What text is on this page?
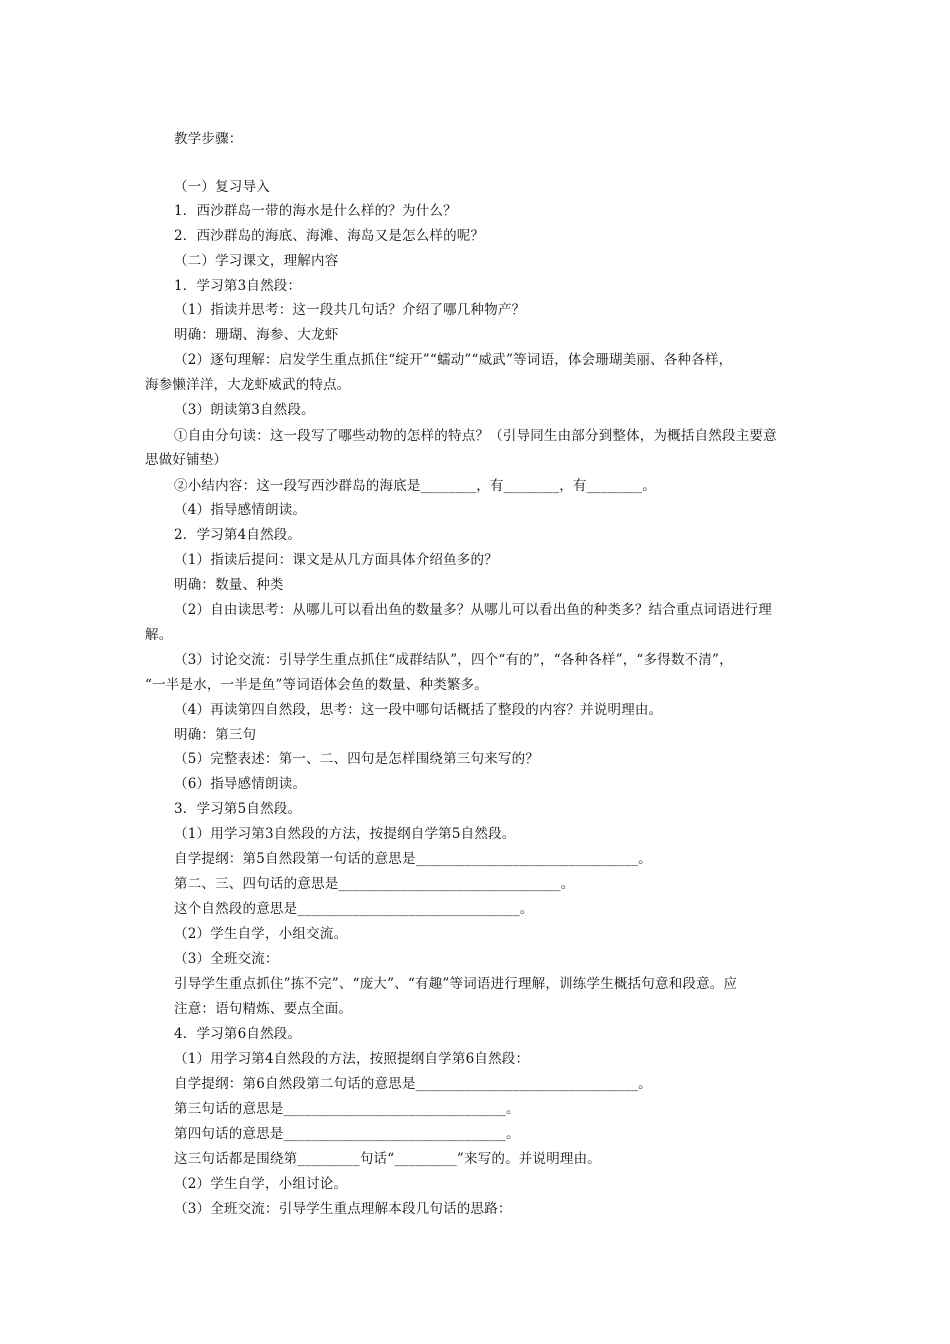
教学步骤：
（一）复习导入
1．西沙群岛一带的海水是什么样的？为什么？
2．西沙群岛的海底、海滩、海岛又是怎么样的呢？
（二）学习课文，理解内容
1．学习第3自然段：
（1）指读并思考：这一段共几句话？介绍了哪几种物产？
明确：珊瑚、海参、大龙虾
（2）逐句理解：启发学生重点抓住“绽开”“蠕动”“威武”等词语，体会珊瑚美丽、各种各样，
海参懒洋洋，大龙虾威武的特点。
（3）朗读第3自然段。
①自由分句读：这一段写了哪些动物的怎样的特点？（引导同生由部分到整体，为概括自然段主要意
思做好铺垫）
②小结内容：这一段写西沙群岛的海底是________，有________，有________。
（4）指导感情朗读。
2．学习第4自然段。
（1）指读后提问：课文是从几方面具体介绍鱼多的？
明确：数量、种类
（2）自由读思考：从哪儿可以看出鱼的数量多？从哪儿可以看出鱼的种类多？结合重点词语进行理
解。
（3）讨论交流：引导学生重点抓住“成群结队”，四个“有的”，“各种各样”，“多得数不清”，
“一半是水，一半是鱼”等词语体会鱼的数量、种类繁多。
（4）再读第四自然段，思考：这一段中哪句话概括了整段的内容？并说明理由。
明确：第三句
（5）完整表述：第一、二、四句是怎样围绕第三句来写的？
（6）指导感情朗读。
3．学习第5自然段。
（1）用学习第3自然段的方法，按提纲自学第5自然段。
自学提纲：第5自然段第一句话的意思是________________________________。
第二、三、四句话的意思是________________________________。
这个自然段的意思是________________________________。
（2）学生自学，小组交流。
（3）全班交流：
引导学生重点抓住”拣不完”、“庞大”、“有趣”等词语进行理解，训练学生概括句意和段意。应
注意：语句精炼、要点全面。
4．学习第6自然段。
（1）用学习第4自然段的方法，按照提纲自学第6自然段：
自学提纲：第6自然段第二句话的意思是________________________________。
第三句话的意思是________________________________。
第四句话的意思是________________________________。
这三句话都是围绕第_________句话“_________”来写的。并说明理由。
（2）学生自学，小组讨论。
（3）全班交流：引导学生重点理解本段几句话的思路：
